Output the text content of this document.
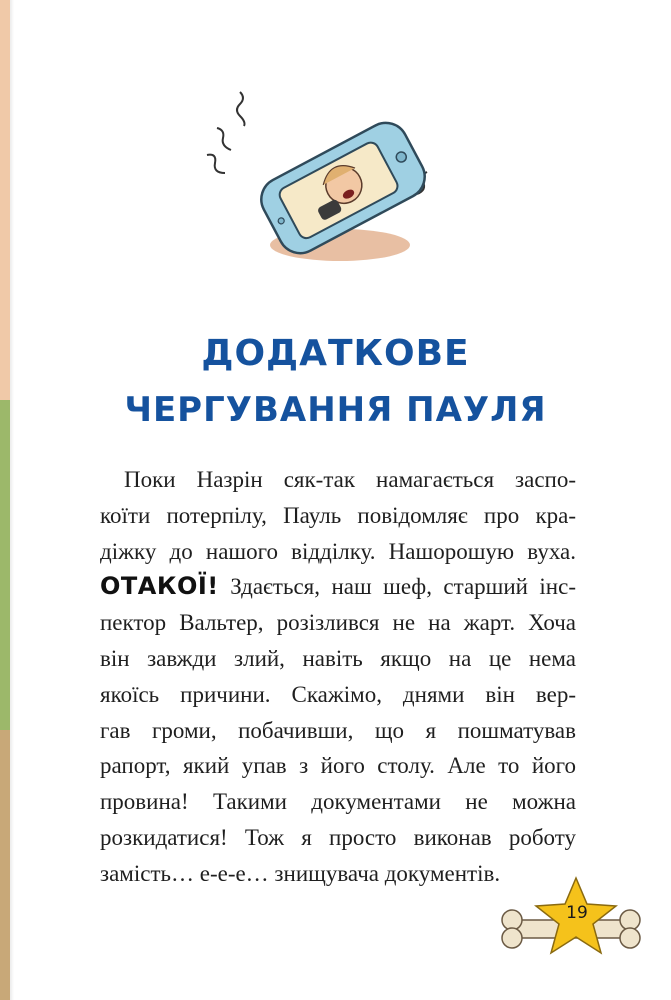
ДОДАТКОВЕ
ЧЕРГУВАННЯ ПАУЛЯ
Поки Назрін сяк-так намагається заспо-
коїти потерпілу, Пауль повідомляє про кра-
діжку до нашого відділку. Нашорошую вуха.
ОТАКОЇ! Здається, наш шеф, старший інс-
пектор Вальтер, розізлився не на жарт. Хоча
він завжди злий, навіть якщо на це нема
якоїсь причини. Скажімо, днями він вер-
гав громи, побачивши, що я пошматував
рапорт, який упав з його столу. Але то його
провина! Такими документами не можна
розкидатися! Тож я просто виконав роботу
замість… е-е-е… знищувача документів.
19
